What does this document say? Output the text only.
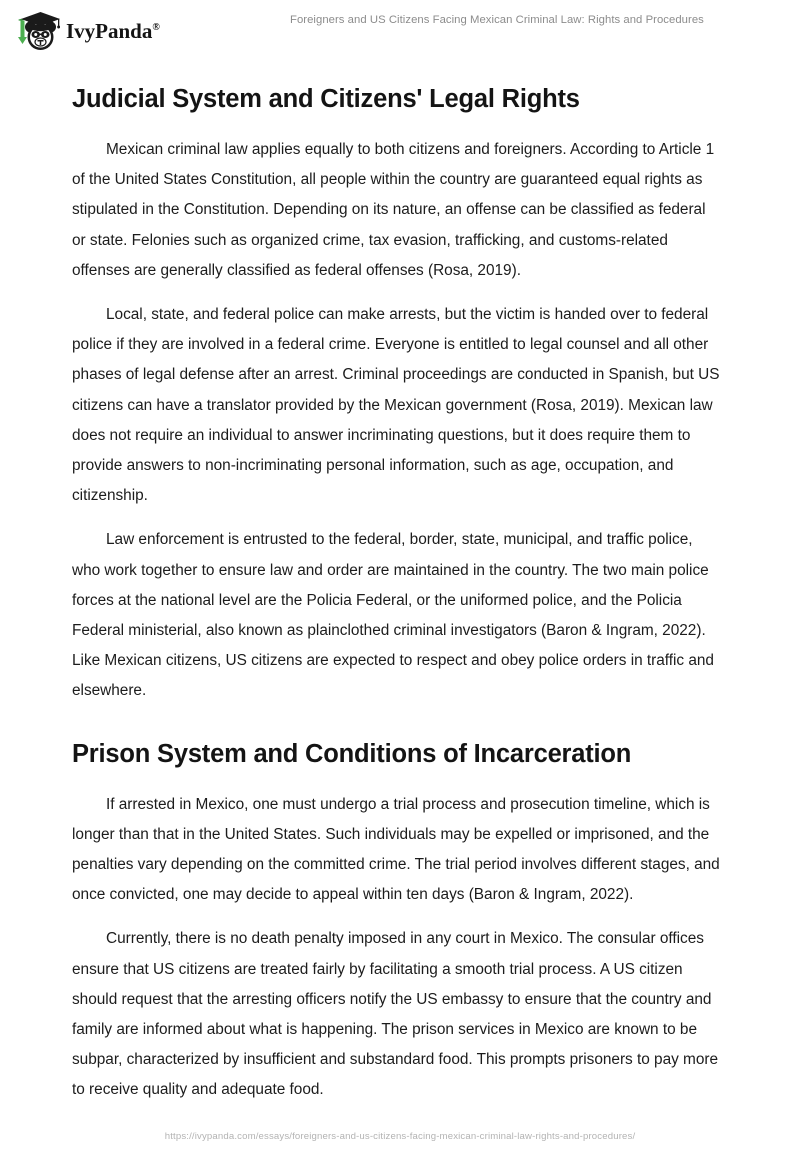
IvyPanda®
Foreigners and US Citizens Facing Mexican Criminal Law: Rights and Procedures
Judicial System and Citizens' Legal Rights

Mexican criminal law applies equally to both citizens and foreigners. According to Article 1 of the United States Constitution, all people within the country are guaranteed equal rights as stipulated in the Constitution. Depending on its nature, an offense can be classified as federal or state. Felonies such as organized crime, tax evasion, trafficking, and customs-related offenses are generally classified as federal offenses (Rosa, 2019).

Local, state, and federal police can make arrests, but the victim is handed over to federal police if they are involved in a federal crime. Everyone is entitled to legal counsel and all other phases of legal defense after an arrest. Criminal proceedings are conducted in Spanish, but US citizens can have a translator provided by the Mexican government (Rosa, 2019). Mexican law does not require an individual to answer incriminating questions, but it does require them to provide answers to non-incriminating personal information, such as age, occupation, and citizenship.

Law enforcement is entrusted to the federal, border, state, municipal, and traffic police, who work together to ensure law and order are maintained in the country. The two main police forces at the national level are the Policia Federal, or the uniformed police, and the Policia Federal ministerial, also known as plainclothed criminal investigators (Baron & Ingram, 2022). Like Mexican citizens, US citizens are expected to respect and obey police orders in traffic and elsewhere.

Prison System and Conditions of Incarceration

If arrested in Mexico, one must undergo a trial process and prosecution timeline, which is longer than that in the United States. Such individuals may be expelled or imprisoned, and the penalties vary depending on the committed crime. The trial period involves different stages, and once convicted, one may decide to appeal within ten days (Baron & Ingram, 2022).

Currently, there is no death penalty imposed in any court in Mexico. The consular offices ensure that US citizens are treated fairly by facilitating a smooth trial process. A US citizen should request that the arresting officers notify the US embassy to ensure that the country and family are informed about what is happening. The prison services in Mexico are known to be subpar, characterized by insufficient and substandard food. This prompts prisoners to pay more to receive quality and adequate food.

https://ivypanda.com/essays/foreigners-and-us-citizens-facing-mexican-criminal-law-rights-and-procedures/
